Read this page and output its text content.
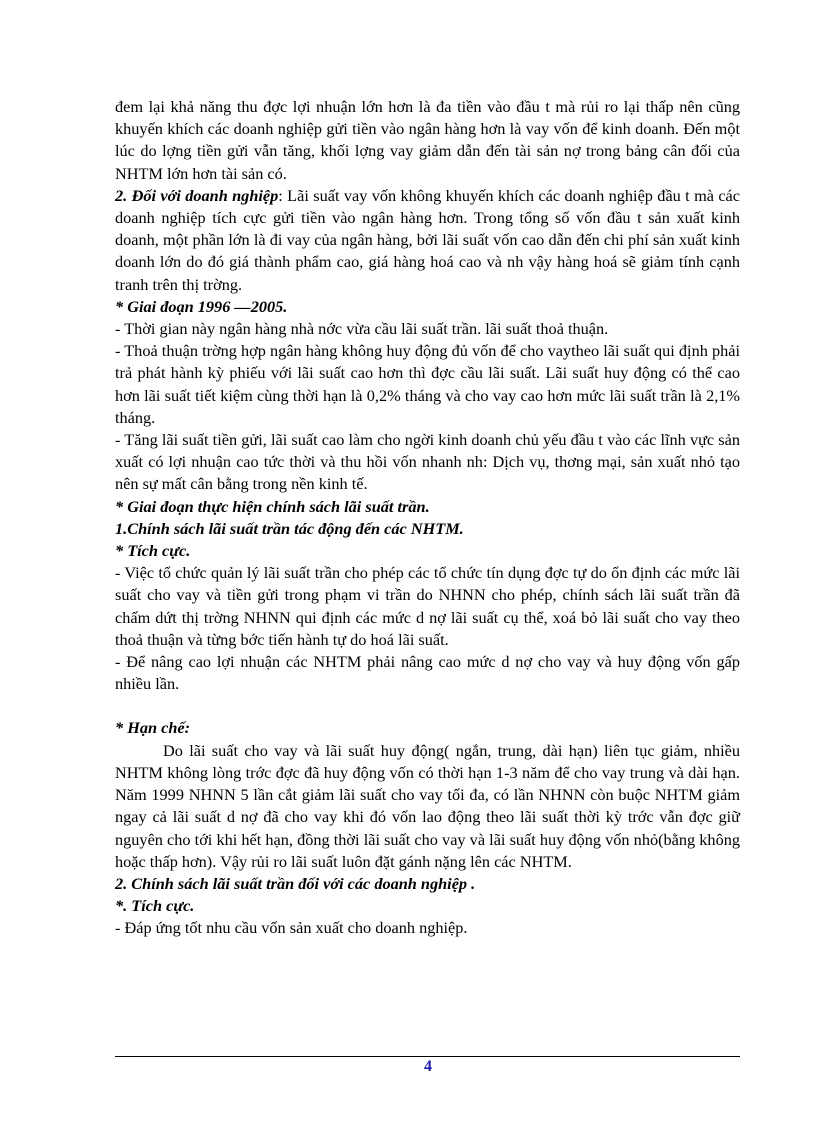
đem lại khả năng thu đợc lợi nhuận lớn hơn là đa tiền vào đầu t mà rủi ro lại thấp nên cũng khuyến khích các doanh nghiệp gửi tiền vào ngân hàng hơn là vay vốn để kinh doanh. Đến một lúc do lợng tiền gửi vẫn tăng, khối lợng vay giảm dẫn đến tài sản nợ trong bảng cân đối của NHTM lớn hơn tài sản có.

2. Đối với doanh nghiệp: Lãi suất vay vốn không khuyến khích các doanh nghiệp đầu t mà các doanh nghiệp tích cực gửi tiền vào ngân hàng hơn. Trong tổng số vốn đầu t sản xuất kinh doanh, một phần lớn là đi vay của ngân hàng, bởi lãi suất vốn cao dẫn đến chi phí sản xuất kinh doanh lớn do đó giá thành phẩm cao, giá hàng hoá cao và nh vậy hàng hoá sẽ giảm tính cạnh tranh trên thị trờng.

* Giai đoạn 1996 —2005.

- Thời gian này ngân hàng nhà nớc vừa cầu lãi suất trần. lãi suất thoả thuận.

- Thoả thuận trờng hợp ngân hàng không huy động đủ vốn để cho vaytheo lãi suất qui định phải trả phát hành kỳ phiếu với lãi suất cao hơn thì đợc cầu lãi suất. Lãi suất huy động có thể cao hơn lãi suất tiết kiệm cùng thời hạn là 0,2% tháng và cho vay cao hơn mức lãi suất trần là 2,1% tháng.

- Tăng lãi suất tiền gửi, lãi suất cao làm cho ngời kinh doanh chủ yếu đầu t vào các lĩnh vực sản xuất có lợi nhuận cao tức thời và thu hồi vốn nhanh nh: Dịch vụ, thơng mại, sản xuất nhỏ tạo nên sự mất cân bằng trong nền kinh tế.

* Giai đoạn thực hiện chính sách lãi suất trần.

1.Chính sách lãi suất trần tác động đến các NHTM.

* Tích cực.

- Việc tổ chức quản lý lãi suất trần cho phép các tổ chức tín dụng đợc tự do ổn định các mức lãi suất cho vay và tiền gửi trong phạm vi trần do NHNN cho phép, chính sách lãi suất trần đã chấm dứt thị trờng NHNN qui định các mức d nợ lãi suất cụ thể, xoá bỏ lãi suất cho vay theo thoả thuận và từng bớc tiến hành tự do hoá lãi suất.

- Để nâng cao lợi nhuận các NHTM phải nâng cao mức d nợ cho vay và huy động vốn gấp nhiều lần.

* Hạn chế:

Do lãi suất cho vay và lãi suất huy động( ngắn, trung, dài hạn) liên tục giảm, nhiều NHTM không lòng trớc đợc đã huy động vốn có thời hạn 1-3 năm để cho vay trung và dài hạn. Năm 1999 NHNN 5 lần cắt giảm lãi suất cho vay tối đa, có lần NHNN còn buộc NHTM giảm ngay cả lãi suất d nợ đã cho vay khi đó vốn lao động theo lãi suất thời kỳ trớc vẫn đợc giữ nguyên cho tới khi hết hạn, đồng thời lãi suất cho vay và lãi suất huy động vốn nhỏ(bằng không hoặc thấp hơn). Vậy rủi ro lãi suất luôn đặt gánh nặng lên các NHTM.

2. Chính sách lãi suất trần đối với các doanh nghiệp .

*. Tích cực.

- Đáp ứng tốt nhu cầu vốn sản xuất cho doanh nghiệp.

4
